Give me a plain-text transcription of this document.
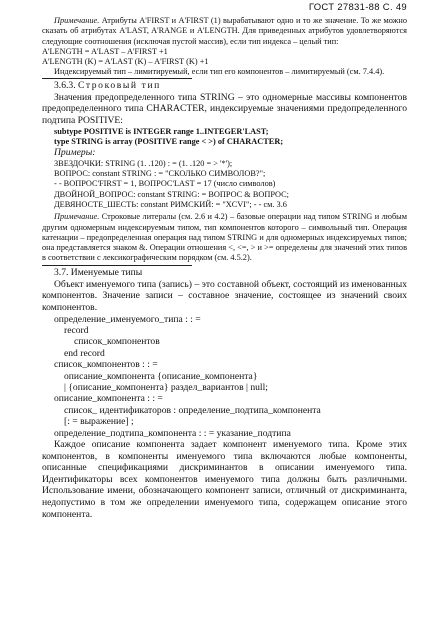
ГОСТ 27831-88 С. 49

Примечание. Атрибуты A'FIRST и A'FIRST (1) вырабатывают одно и то же значение. То же можно сказать об атрибутах A'LAST, A'RANGE и A'LENGTH. Для приведенных атрибутов удовлетворяются следующие соотношения (исключая пустой массив), если тип индекса – целый тип:

A'LENGTH = A'LAST – A'FIRST +1

A'LENGTH (K) = A'LAST (K) – A'FIRST (K) +1

Индексируемый тип – лимитируемый, если тип его компонентов – лимитируемый (см. 7.4.4).

3.6.3. Строковый тип

Значения предопределенного типа STRING – это одномерные массивы компонентов предопределенного типа CHARACTER, индексируемые значениями предопределенного подтипа POSITIVE:

subtype POSITIVE is INTEGER range 1..INTEGER'LAST;

type STRING is array (POSITIVE range < >) of CHARACTER;

Примеры:

ЗВЕЗДОЧКИ: STRING (1. .120) : = (1. .120 = > '*');

ВОПРОС: constant STRING : = "СКОЛЬКО СИМВОЛОВ?";

- - ВОПРОС'FIRST = 1, ВОПРОС'LAST = 17 (число символов)

ДВОЙНОЙ_ВОПРОС: constant STRING: = ВОПРОС & ВОПРОС;

ДЕВЯНОСТЕ_ШЕСТЬ: constant РИМСКИЙ: = "XCVI"; - - см. 3.6

Примечание. Строковые литералы (см. 2.6 и 4.2) – базовые операции над типом STRING и любым другим одномерным индексируемым типом, тип компонентов которого – символьный тип. Операция катенации – предопределенная операция над типом STRING и для одномерных индексируемых типов; она представляется знаком &. Операции отношения <, <=, > и >= определены для значений этих типов в соответствии с лексикографическим порядком (см. 4.5.2).

3.7. Именуемые типы

Объект именуемого типа (запись) – это составной объект, состоящий из именованных компонентов. Значение записи – составное значение, состоящее из значений своих компонентов.

определение_именуемого_типа : : =

record

список_компонентов

end record

список_компонентов : : =

описание_компонента {описание_компонента}

| {описание_компонента} раздел_вариантов | null;

описание_компонента : : =

список_ идентификаторов : определение_подтипа_компонента

[: = выражение] ;

определение_подтипа_компонента : : = указание_подтипа

Каждое описание компонента задает компонент именуемого типа. Кроме этих компонентов, в компоненты именуемого типа включаются любые компоненты, описанные спецификациями дискриминантов в описании именуемого типа. Идентификаторы всех компонентов именуемого типа должны быть различными. Использование имени, обозначающего компонент записи, отличный от дискриминанта, недопустимо в том же определении именуемого типа, содержащем описание этого компонента.
